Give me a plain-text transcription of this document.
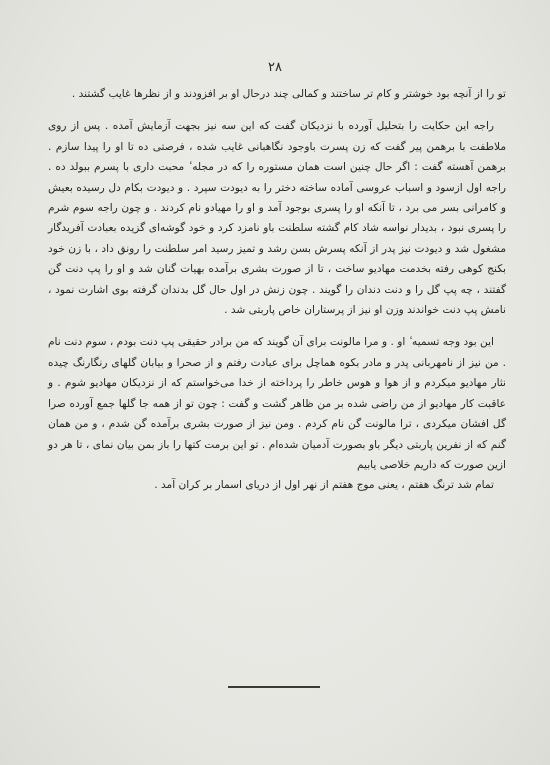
۲۸

تو را از آنچه بود خوشتر و کام تر ساختند و کمالی چند درحال او بر افزودند و از نظرها غایب گشتند .

راجه این حکایت را بتحلیل آورده با نزدیکان گفت که این سه نیز بجهت آزمایش آمده . پس از روی ملاطفت با برهمن پیر گفت که زن پسرت باوجود نگاهبانی غایب شده ، فرصتی ده تا او را پیدا سازم . برهمن آهسته گفت : اگر حال چنین است همان مستوره را که در مجله ٔ محبت داری با پسرم ببولد ده . راجه اول ازسود و اسباب عروسی آماده ساخته دختر را به دیودت سپرد . و دیودت بکام دل رسیده بعیش و کامرانی بسر می برد ، تا آنکه او را پسری بوجود آمد و او را مهیادو نام کردند . و چون راجه سوم شرم را پسری نبود ، بدیدار نواسه شاد کام گشته سلطنت باو نامزد کرد و خود گوشه‌ای گزیده بعبادت آفریدگار مشغول شد و دیودت نیز پدر از آنکه پسرش بسن رشد و تمیز رسید امر سلطنت را رونق داد ، با زن خود بکنج کوهی رفته بخدمت مهادیو ساخت ، تا از صورت بشری برآمده بهیات گنان شد و او را پپ دنت گن گفتند ، چه پپ گل را و دنت دندان را گویند . چون زنش در اول حال گل بدندان گرفته بوی اشارت نمود ، نامش پپ دنت خواندند وزن او نیز از پرستاران خاص پاربتی شد .

این بود وجه تسمیه ٔ او . و مرا مالونت برای آن گویند که من برادر حقیقی پپ دنت بودم ، سوم دنت نام . من نیز از نامهربانی پدر و مادر بکوه هماچل برای عبادت رفتم و از صحرا و بیابان گلهای رنگارنگ چیده نثار مهادیو میکردم و از هوا و هوس خاطر را پرداخته از خدا می‌خواستم که از نزدیکان مهادیو شوم . و عاقبت کار مهادیو از من راضی شده بر من ظاهر گشت و گفت : چون تو از همه جا گلها جمع آورده صرا گل افشان میکردی ، ترا مالونت گن نام کردم . ومن نیز از صورت بشری برآمده گن شدم ، و من همان گنم که از نفرین پاربتی دیگر باو بصورت آدمیان شده‌ام . تو این برمت کتها را باز بمن بیان نمای ، تا هر دو ازین صورت که داریم خلاصی یابیم

تمام شد ترنگ هفتم ، یعنی موج هفتم از نهر اول از دریای اسمار بر کران آمد .
